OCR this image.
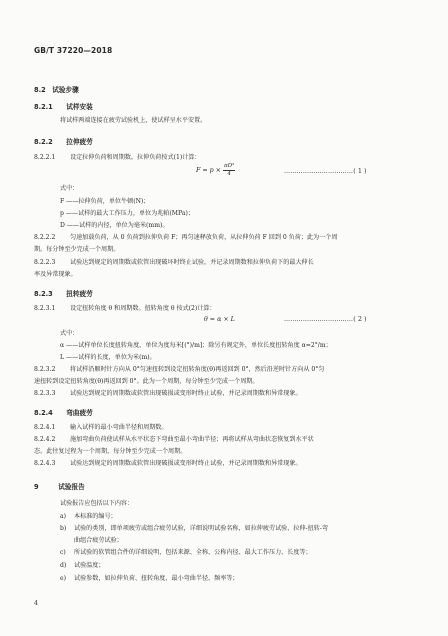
GB/T 37220—2018
8.2 试验步骤
8.2.1 试样安装
将试样两端连接在疲劳试验机上，使试样呈水平安置。
8.2.2 拉伸疲劳
8.2.2.1 设定拉伸负荷和周期数。拉伸负荷按式(1)计算：
$F = p \times \frac{\text{πD²}}{4}$	……………………………( 1 )
式中：
F ——拉伸负荷，单位牛顿(N)；
p ——试样的最大工作压力，单位为兆帕(MPa)；
D ——试样的内径，单位为毫米(mm)。
8.2.2.2 匀速加载负荷，从 0 负荷到拉伸负荷 F；再匀速释放负荷，从拉伸负荷 F 回到 0 负荷；此为一个周
期。每分钟至少完成一个周期。
8.2.2.3 试验达到规定的周期数或软管出现破坏时终止试验，并记录周期数和拉伸负荷下的最大伸长
率及异常现象。
8.2.3 扭转疲劳
8.2.3.1 设定扭转角度 θ 和周期数。扭转角度 θ 按式(2)计算：
θ = α × L	……………………………( 2 )
式中：
α ——试样单位长度扭转角度，单位为度每米[(°)/m]；除另有规定外，单位长度扭转角度 α=2°/m；
L ——试样的长度，单位为米(m)。
8.2.3.2 将试样沿顺时针方向从 0°匀速扭转到设定扭转角度(θ)再返回到 0°，然后沿逆时针方向从 0°匀
速扭转到设定扭转角度(θ)再返回到 0°。此为一个周期，每分钟至少完成一个周期。
8.2.3.3 试验达到规定的周期数或软管出现破损或变形时终止试验，并记录周期数和异常现象。
8.2.4 弯曲疲劳
8.2.4.1 输入试样的最小弯曲半径和周期数。
8.2.4.2 施加弯曲负荷使试样从水平状态下弯曲至最小弯曲半径；再将试样从弯曲状态恢复到水平状
态。此往复过程为一个周期，每分钟至少完成一个周期。
8.2.4.3 试验达到规定的周期数或软管出现破损或变形时终止试验，并记录周期数和异常现象。
9	试验报告
试验报告应包括以下内容：
a) 本标准的编号；
b) 试验的类别，即单项疲劳或组合疲劳试验，详细说明试验名称，如拉伸疲劳试验、拉伸-扭转-弯
曲组合疲劳试验；
c) 所试验的软管组合件的详细说明，包括来源、全称、公称内径、最大工作压力、长度等；
d) 试验温度；
e) 试验参数，如拉伸负荷、扭转角度、最小弯曲半径、频率等；
4
